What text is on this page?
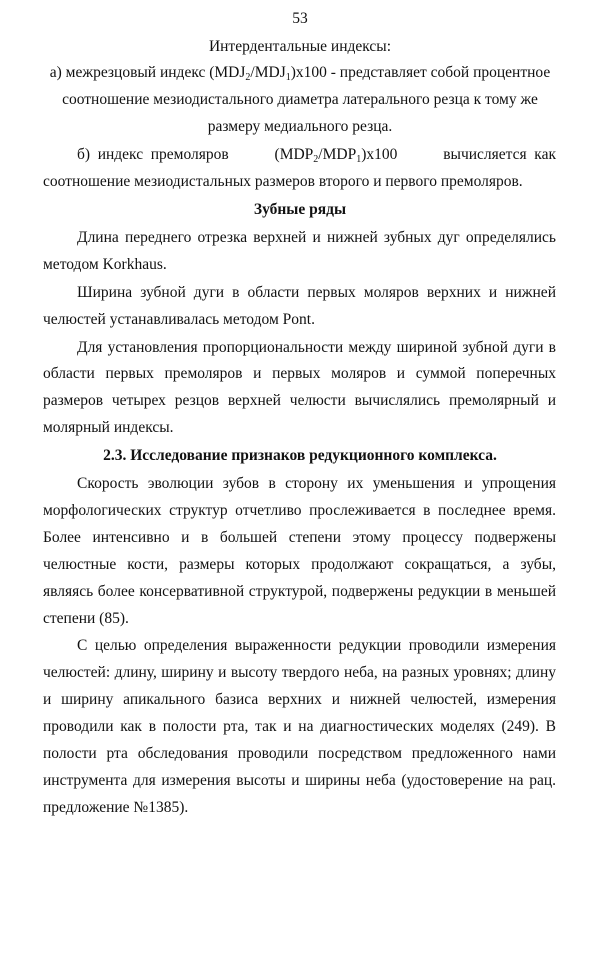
53
Интердентальные индексы:
а) межрезцовый индекс $(MDJ_2/MDJ_1)х100$ - представляет собой процентное
соотношение мезиодистального диаметра латерального резца к тому же
размеру медиального резца.
б) индекс премоляров      $(MDP_2/MDP_1)х100$      вычисляется как
соотношение мезиодистальных размеров второго и первого премоляров.
Зубные ряды
Длина переднего отрезка верхней и нижней зубных дуг определялись
методом Korkhaus.
Ширина зубной дуги в области первых моляров верхних и нижней
челюстей устанавливалась методом Pont.
Для установления пропорциональности между шириной зубной дуги в
области первых премоляров и первых моляров и суммой поперечных
размеров четырех резцов верхней челюсти вычислялись премолярный и
молярный индексы.
2.3. Исследование признаков редукционного комплекса.
Скорость эволюции зубов в сторону их уменьшения и упрощения
морфологических структур отчетливо прослеживается в последнее время.
Более интенсивно и в большей степени этому процессу подвержены
челюстные кости, размеры которых продолжают сокращаться, а зубы,
являясь более консервативной структурой, подвержены редукции в меньшей
степени (85).
С целью определения выраженности редукции проводили измерения
челюстей: длину, ширину и высоту твердого неба, на разных уровнях; длину
и ширину апикального базиса верхних и нижней челюстей, измерения
проводили как в полости рта, так и на диагностических моделях (249). В
полости рта обследования проводили посредством предложенного нами
инструмента для измерения высоты и ширины неба (удостоверение на рац.
предложение №1385).
